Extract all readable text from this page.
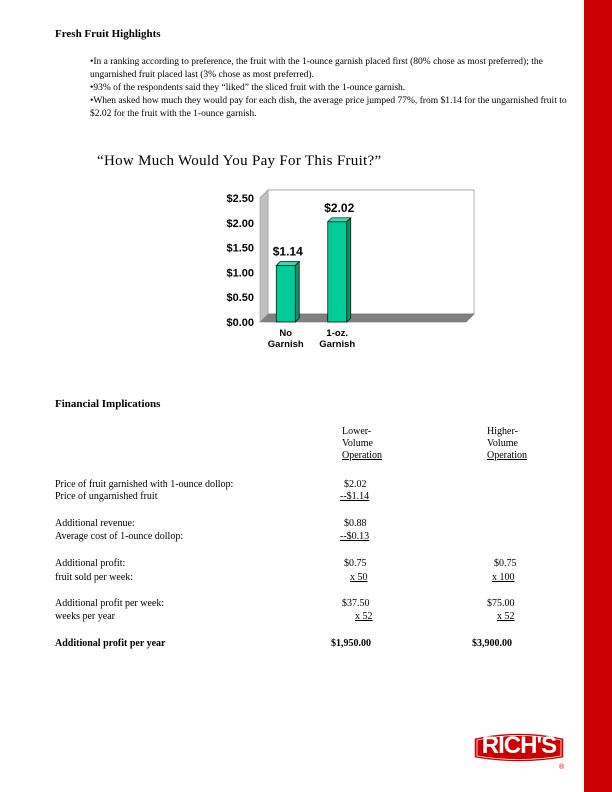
Fresh Fruit Highlights

•In a ranking according to preference, the fruit with the 1-ounce garnish placed first (80% chose as most preferred); the ungarnished fruit placed last (3% chose as most preferred).

•93% of the respondents said they “liked” the sliced fruit with the 1-ounce garnish.

•When asked how much they would pay for each dish, the average price jumped 77%, from $1.14 for the ungarnished fruit to $2.02 for the fruit with the 1-ounce garnish.

“How Much Would You Pay For This Fruit?”
$0.00
$0.50
$1.00
$1.50
$2.00
$2.50
$1.14
$2.02
No
Garnish
1-oz.
Garnish
Financial Implications
Lower-
Volume
Operation
Higher-
Volume
Operation
Price of fruit garnished with 1-ounce dollop:	$2.02
Price of ungarnished fruit	--$1.14
Additional revenue:	$0.88
Average cost of 1-ounce dollop:	--$0.13
Additional profit:	$0.75	$0.75
fruit sold per week:	x 50	x 100
Additional profit per week:	$37.50	$75.00
weeks per year	x 52	x 52
Additional profit per year	$1,950.00	$3,900.00
RICH'S
®
